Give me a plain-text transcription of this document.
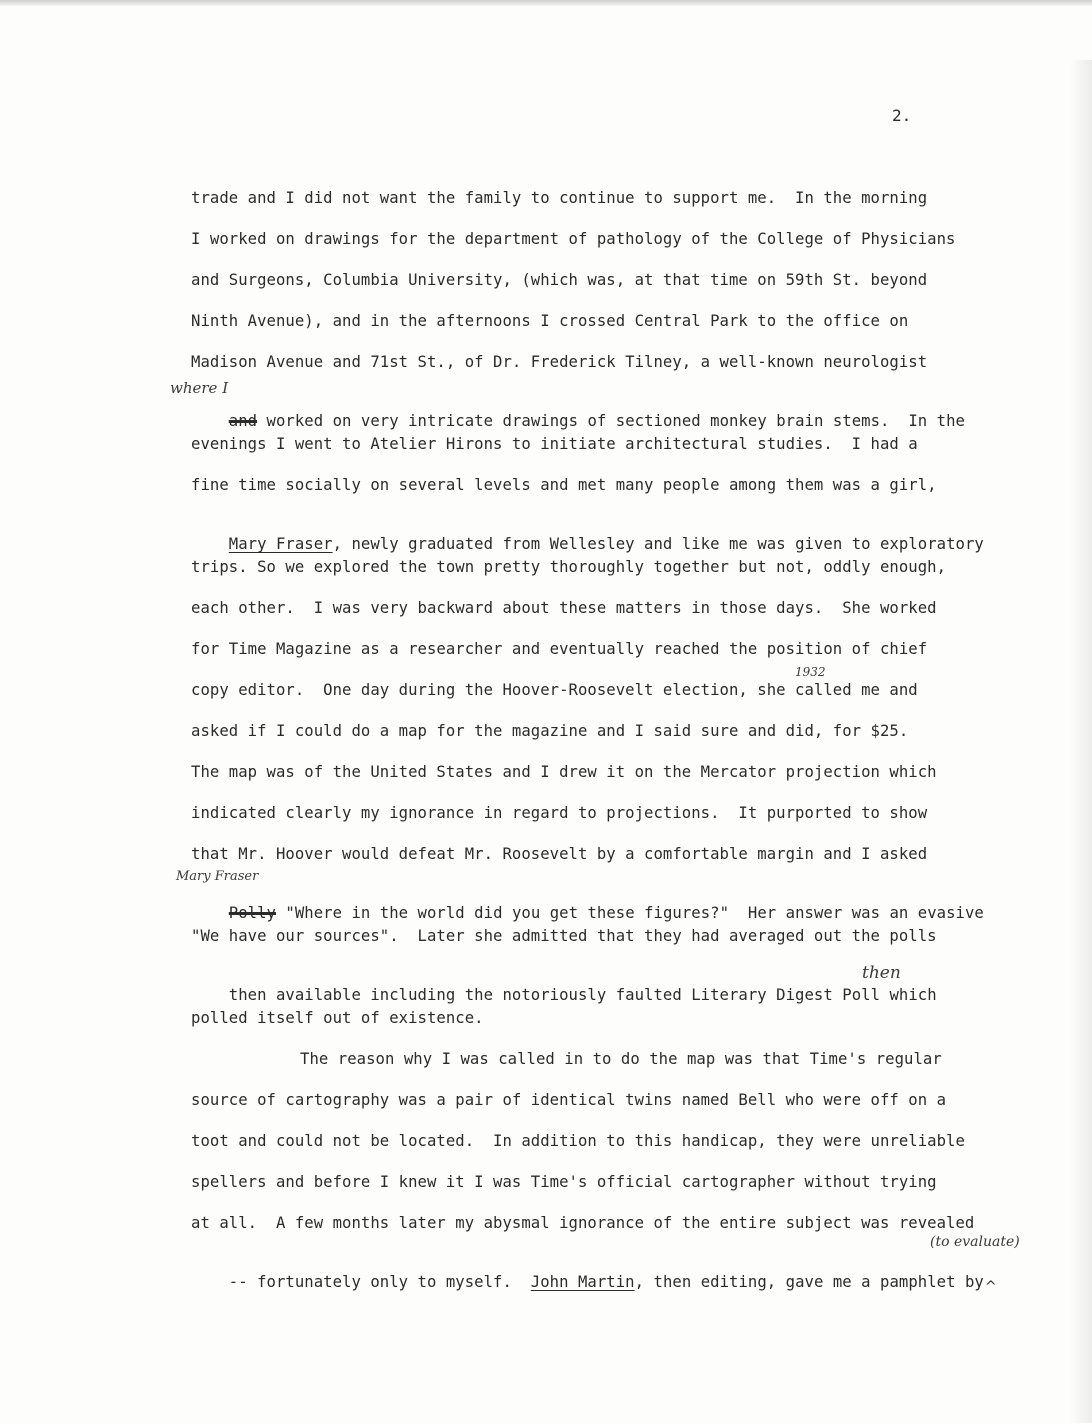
2.
trade and I did not want the family to continue to support me.  In the morning
I worked on drawings for the department of pathology of the College of Physicians
and Surgeons, Columbia University, (which was, at that time on 59th St. beyond
Ninth Avenue), and in the afternoons I crossed Central Park to the office on
Madison Avenue and 71st St., of Dr. Frederick Tilney, a well-known neurologist
where I

and worked on very intricate drawings of sectioned monkey brain stems.  In the

evenings I went to Atelier Hirons to initiate architectural studies.  I had a
fine time socially on several levels and met many people among them was a girl,

Mary Fraser, newly graduated from Wellesley and like me was given to exploratory

trips. So we explored the town pretty thoroughly together but not, oddly enough,
each other.  I was very backward about these matters in those days.  She worked
for Time Magazine as a researcher and eventually reached the position of chief
1932
copy editor.  One day during the Hoover-Roosevelt election, she called me and
asked if I could do a map for the magazine and I said sure and did, for $25.
The map was of the United States and I drew it on the Mercator projection which
indicated clearly my ignorance in regard to projections.  It purported to show
that Mr. Hoover would defeat Mr. Roosevelt by a comfortable margin and I asked
Mary Fraser

Polly "Where in the world did you get these figures?"  Her answer was an evasive

"We have our sources".  Later she admitted that they had averaged out the polls

then available including the notoriously faulted Literary Digest Poll which

then
polled itself out of existence.
The reason why I was called in to do the map was that Time's regular
source of cartography was a pair of identical twins named Bell who were off on a
toot and could not be located.  In addition to this handicap, they were unreliable
spellers and before I knew it I was Time's official cartographer without trying
at all.  A few months later my abysmal ignorance of the entire subject was revealed
(to evaluate)

-- fortunately only to myself.  John Martin, then editing, gave me a pamphlet by
^
